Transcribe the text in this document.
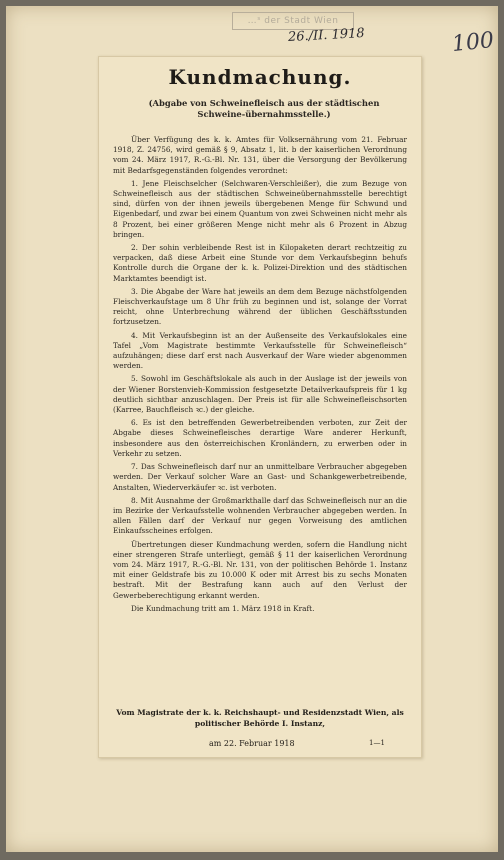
…ˢ der Stadt Wien
26./II. 1918	100
Kundmachung.
(Abgabe von Schweinefleisch aus der städtischen Schweine-übernahmsstelle.)

Über Verfügung des k. k. Amtes für Volksernährung vom 21. Februar 1918, Z. 24756, wird gemäß § 9, Absatz 1, lit. b der kaiserlichen Verordnung vom 24. März 1917, R.-G.-Bl. Nr. 131, über die Versorgung der Bevölkerung mit Bedarfsgegenständen folgendes verordnet:

1. Jene Fleischselcher (Selchwaren-Verschleißer), die zum Bezuge von Schweinefleisch aus der städtischen Schweineübernahmsstelle berechtigt sind, dürfen von der ihnen jeweils übergebenen Menge für Schwund und Eigenbedarf, und zwar bei einem Quantum von zwei Schweinen nicht mehr als 8 Prozent, bei einer größeren Menge nicht mehr als 6 Prozent in Abzug bringen.

2. Der sohin verbleibende Rest ist in Kilopaketen derart rechtzeitig zu verpacken, daß diese Arbeit eine Stunde vor dem Verkaufsbeginn behufs Kontrolle durch die Organe der k. k. Polizei-Direktion und des städtischen Marktamtes beendigt ist.

3. Die Abgabe der Ware hat jeweils an dem dem Bezuge nächstfolgenden Fleischverkaufstage um 8 Uhr früh zu beginnen und ist, solange der Vorrat reicht, ohne Unterbrechung während der üblichen Geschäftsstunden fortzusetzen.

4. Mit Verkaufsbeginn ist an der Außenseite des Verkaufslokales eine Tafel „Vom Magistrate bestimmte Verkaufsstelle für Schweinefleisch“ aufzuhängen; diese darf erst nach Ausverkauf der Ware wieder abgenommen werden.

5. Sowohl im Geschäftslokale als auch in der Auslage ist der jeweils von der Wiener Borstenvieh-Kommission festgesetzte Detailverkaufspreis für 1 kg deutlich sichtbar anzuschlagen. Der Preis ist für alle Schweinefleischsorten (Karree, Bauchfleisch ꝛc.) der gleiche.

6. Es ist den betreffenden Gewerbetreibenden verboten, zur Zeit der Abgabe dieses Schweinefleisches derartige Ware anderer Herkunft, insbesondere aus den österreichischen Kronländern, zu erwerben oder in Verkehr zu setzen.

7. Das Schweinefleisch darf nur an unmittelbare Verbraucher abgegeben werden. Der Verkauf solcher Ware an Gast- und Schankgewerbetreibende, Anstalten, Wiederverkäufer ꝛc. ist verboten.

8. Mit Ausnahme der Großmarkthalle darf das Schweinefleisch nur an die im Bezirke der Verkaufsstelle wohnenden Verbraucher abgegeben werden. In allen Fällen darf der Verkauf nur gegen Vorweisung des amtlichen Einkaufsscheines erfolgen.

Übertretungen dieser Kundmachung werden, sofern die Handlung nicht einer strengeren Strafe unterliegt, gemäß § 11 der kaiserlichen Verordnung vom 24. März 1917, R.-G.-Bl. Nr. 131, von der politischen Behörde 1. Instanz mit einer Geldstrafe bis zu 10.000 K oder mit Arrest bis zu sechs Monaten bestraft. Mit der Bestrafung kann auch auf den Verlust der Gewerbeberechtigung erkannt werden.

Die Kundmachung tritt am 1. März 1918 in Kraft.

Vom Magistrate der k. k. Reichshaupt- und Residenzstadt Wien, als politischer Behörde I. Instanz,
am 22. Februar 1918	1—1
